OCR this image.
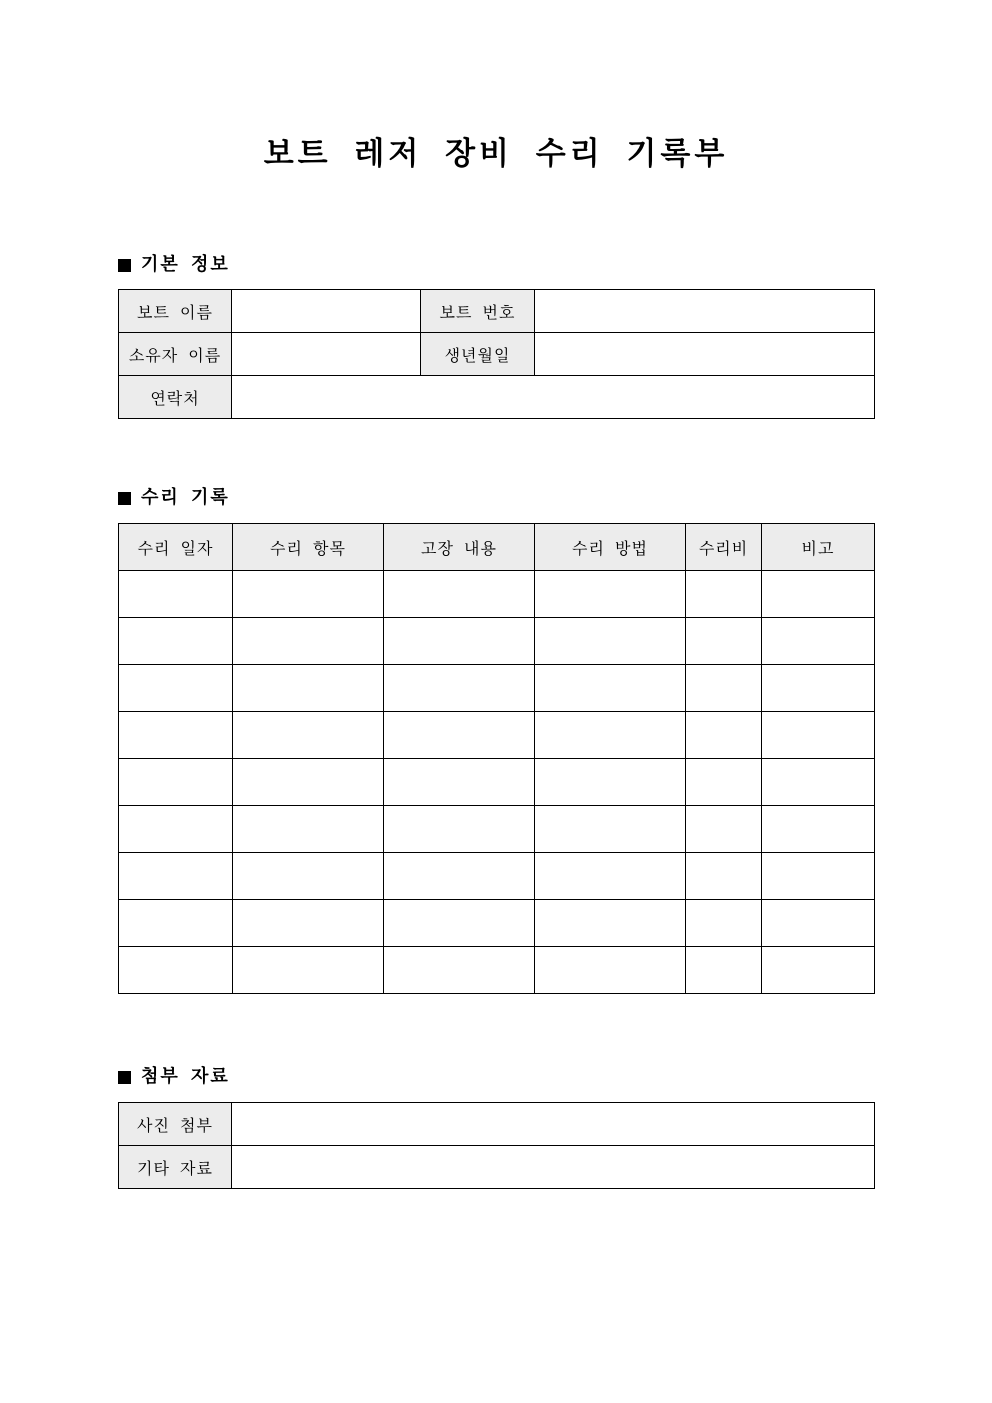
보트 레저 장비 수리 기록부
기본 정보
보트 이름		보트 번호	
소유자 이름		생년월일	
연락처			
수리 기록
수리 일자	수리 항목	고장 내용	수리 방법	수리비	비고

첨부 자료
사진 첨부	
기타 자료	
